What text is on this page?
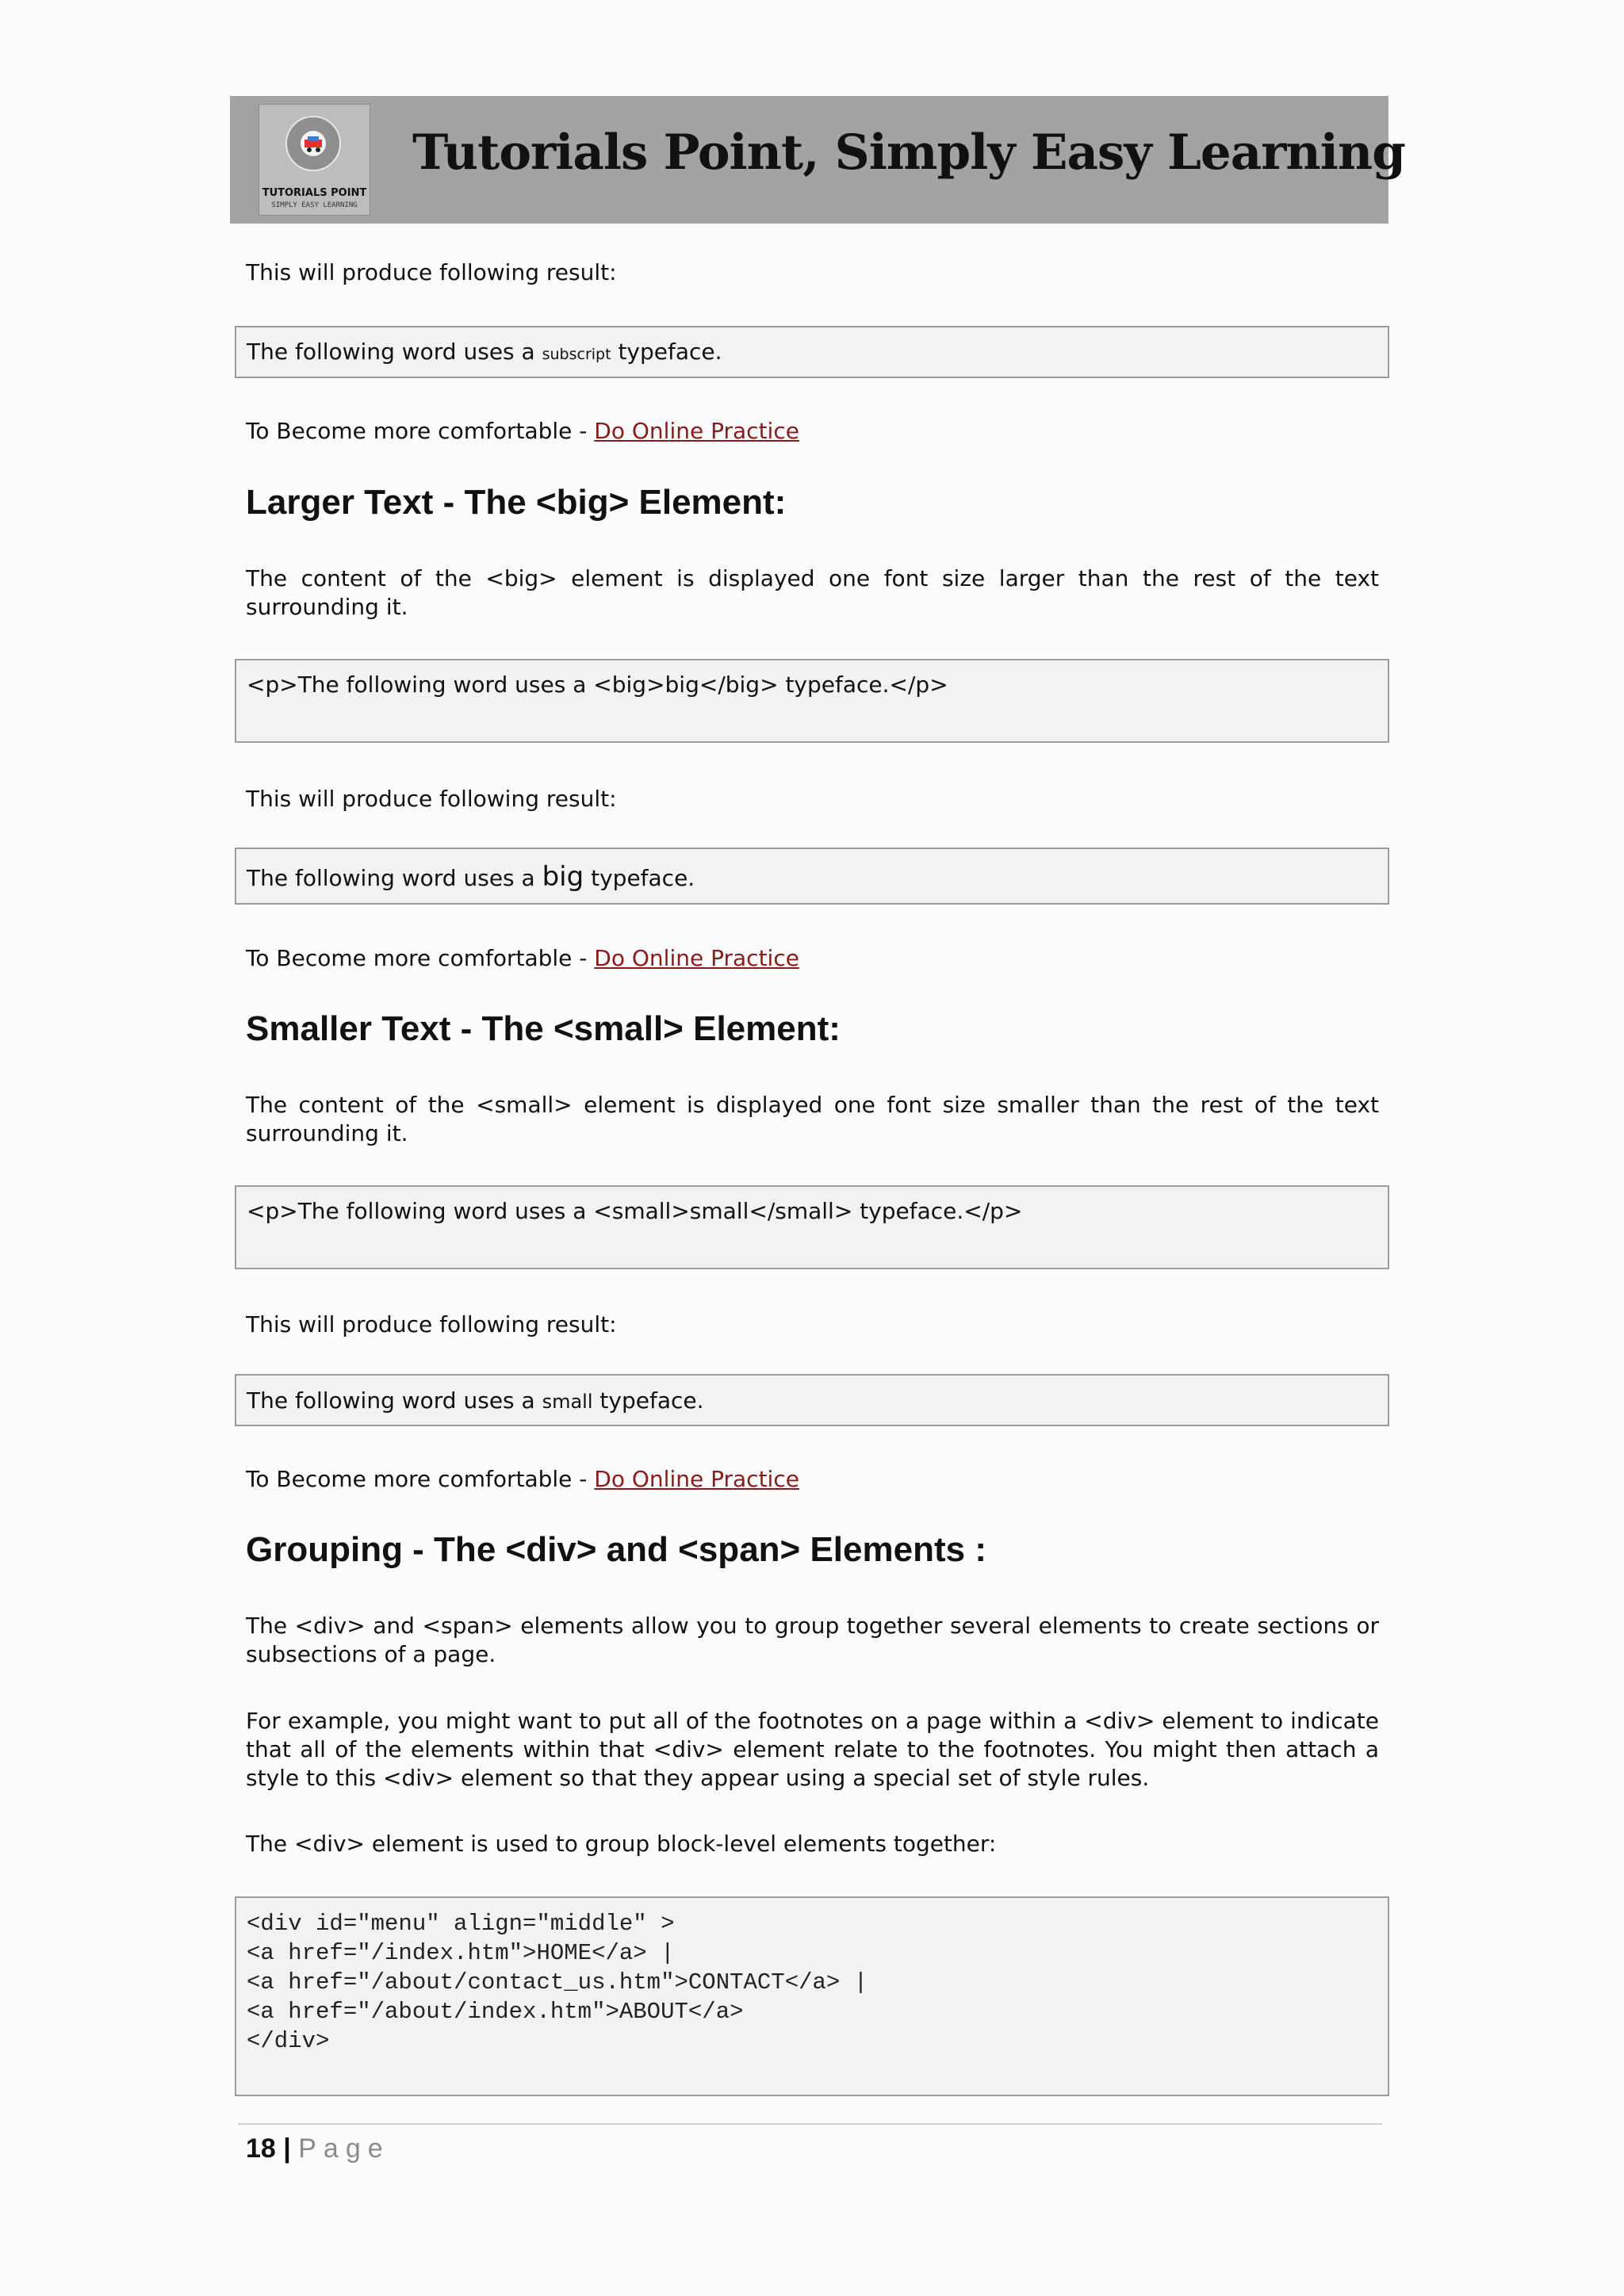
TUTORIALS POINT
SIMPLY EASY LEARNING
Tutorials Point, Simply Easy Learning
This will produce following result:
The following word uses a subscript typeface.
To Become more comfortable - Do Online Practice
Larger Text - The <big> Element:
The content of the <big> element is displayed one font size larger than the rest of the text surrounding it.
<p>The following word uses a <big>big</big> typeface.</p>
This will produce following result:
The following word uses a big typeface.
To Become more comfortable - Do Online Practice
Smaller Text - The <small> Element:
The content of the <small> element is displayed one font size smaller than the rest of the text surrounding it.
<p>The following word uses a <small>small</small> typeface.</p>
This will produce following result:
The following word uses a small typeface.
To Become more comfortable - Do Online Practice
Grouping - The <div> and <span> Elements :
The <div> and <span> elements allow you to group together several elements to create sections or subsections of a page.
For example, you might want to put all of the footnotes on a page within a <div> element to indicate that all of the elements within that <div> element relate to the footnotes. You might then attach a style to this <div> element so that they appear using a special set of style rules.
The <div> element is used to group block-level elements together:
<div id="menu" align="middle" >
<a href="/index.htm">HOME</a> |
<a href="/about/contact_us.htm">CONTACT</a> |
<a href="/about/index.htm">ABOUT</a>
</div>
18 | Page
